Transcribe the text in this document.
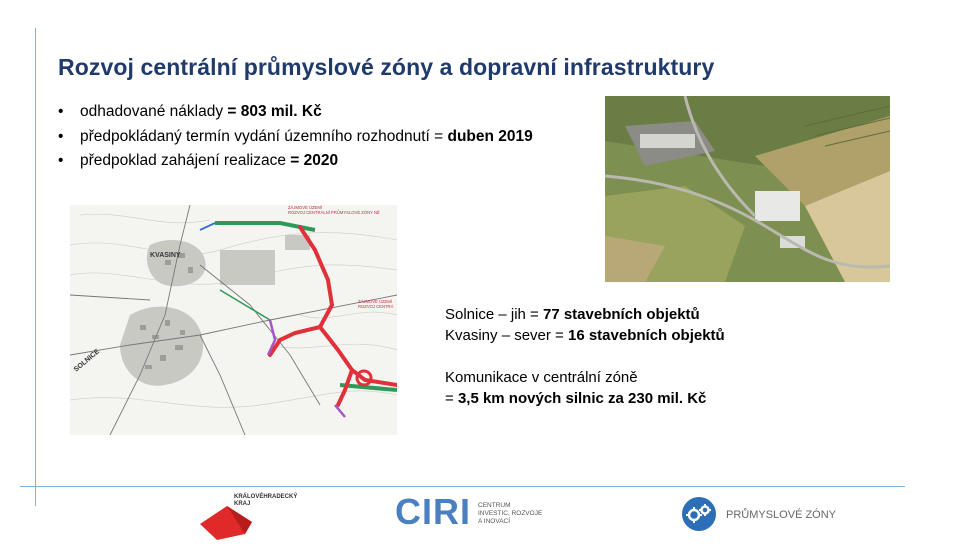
Rozvoj centrální průmyslové zóny a dopravní infrastruktury
• odhadované náklady = 803 mil. Kč
• předpokládaný termín vydání územního rozhodnutí = duben 2019
• předpoklad zahájení realizace = 2020
KVASINY
SOLNICE
ZÁJMOVÉ ÚZEMÍ
ROZVOJ CENTRÁLNÍ PRŮMYSLOVÉ ZÓNY NĚ
ZÁJMOVÉ ÚZEMÍ
ROZVOJ CENTRÁ	Solnice – jih = 77 stavebních objektů

Kvasiny – sever = 16 stavebních objektů

Komunikace v centrální zóně

= 3,5 km nových silnic za 230 mil. Kč

KRÁLOVÉHRADECKÝ
KRAJ	CIRI CENTRUM
INVESTIC, ROZVOJE
A INOVACÍ
PRŮMYSLOVÉ ZÓNY
